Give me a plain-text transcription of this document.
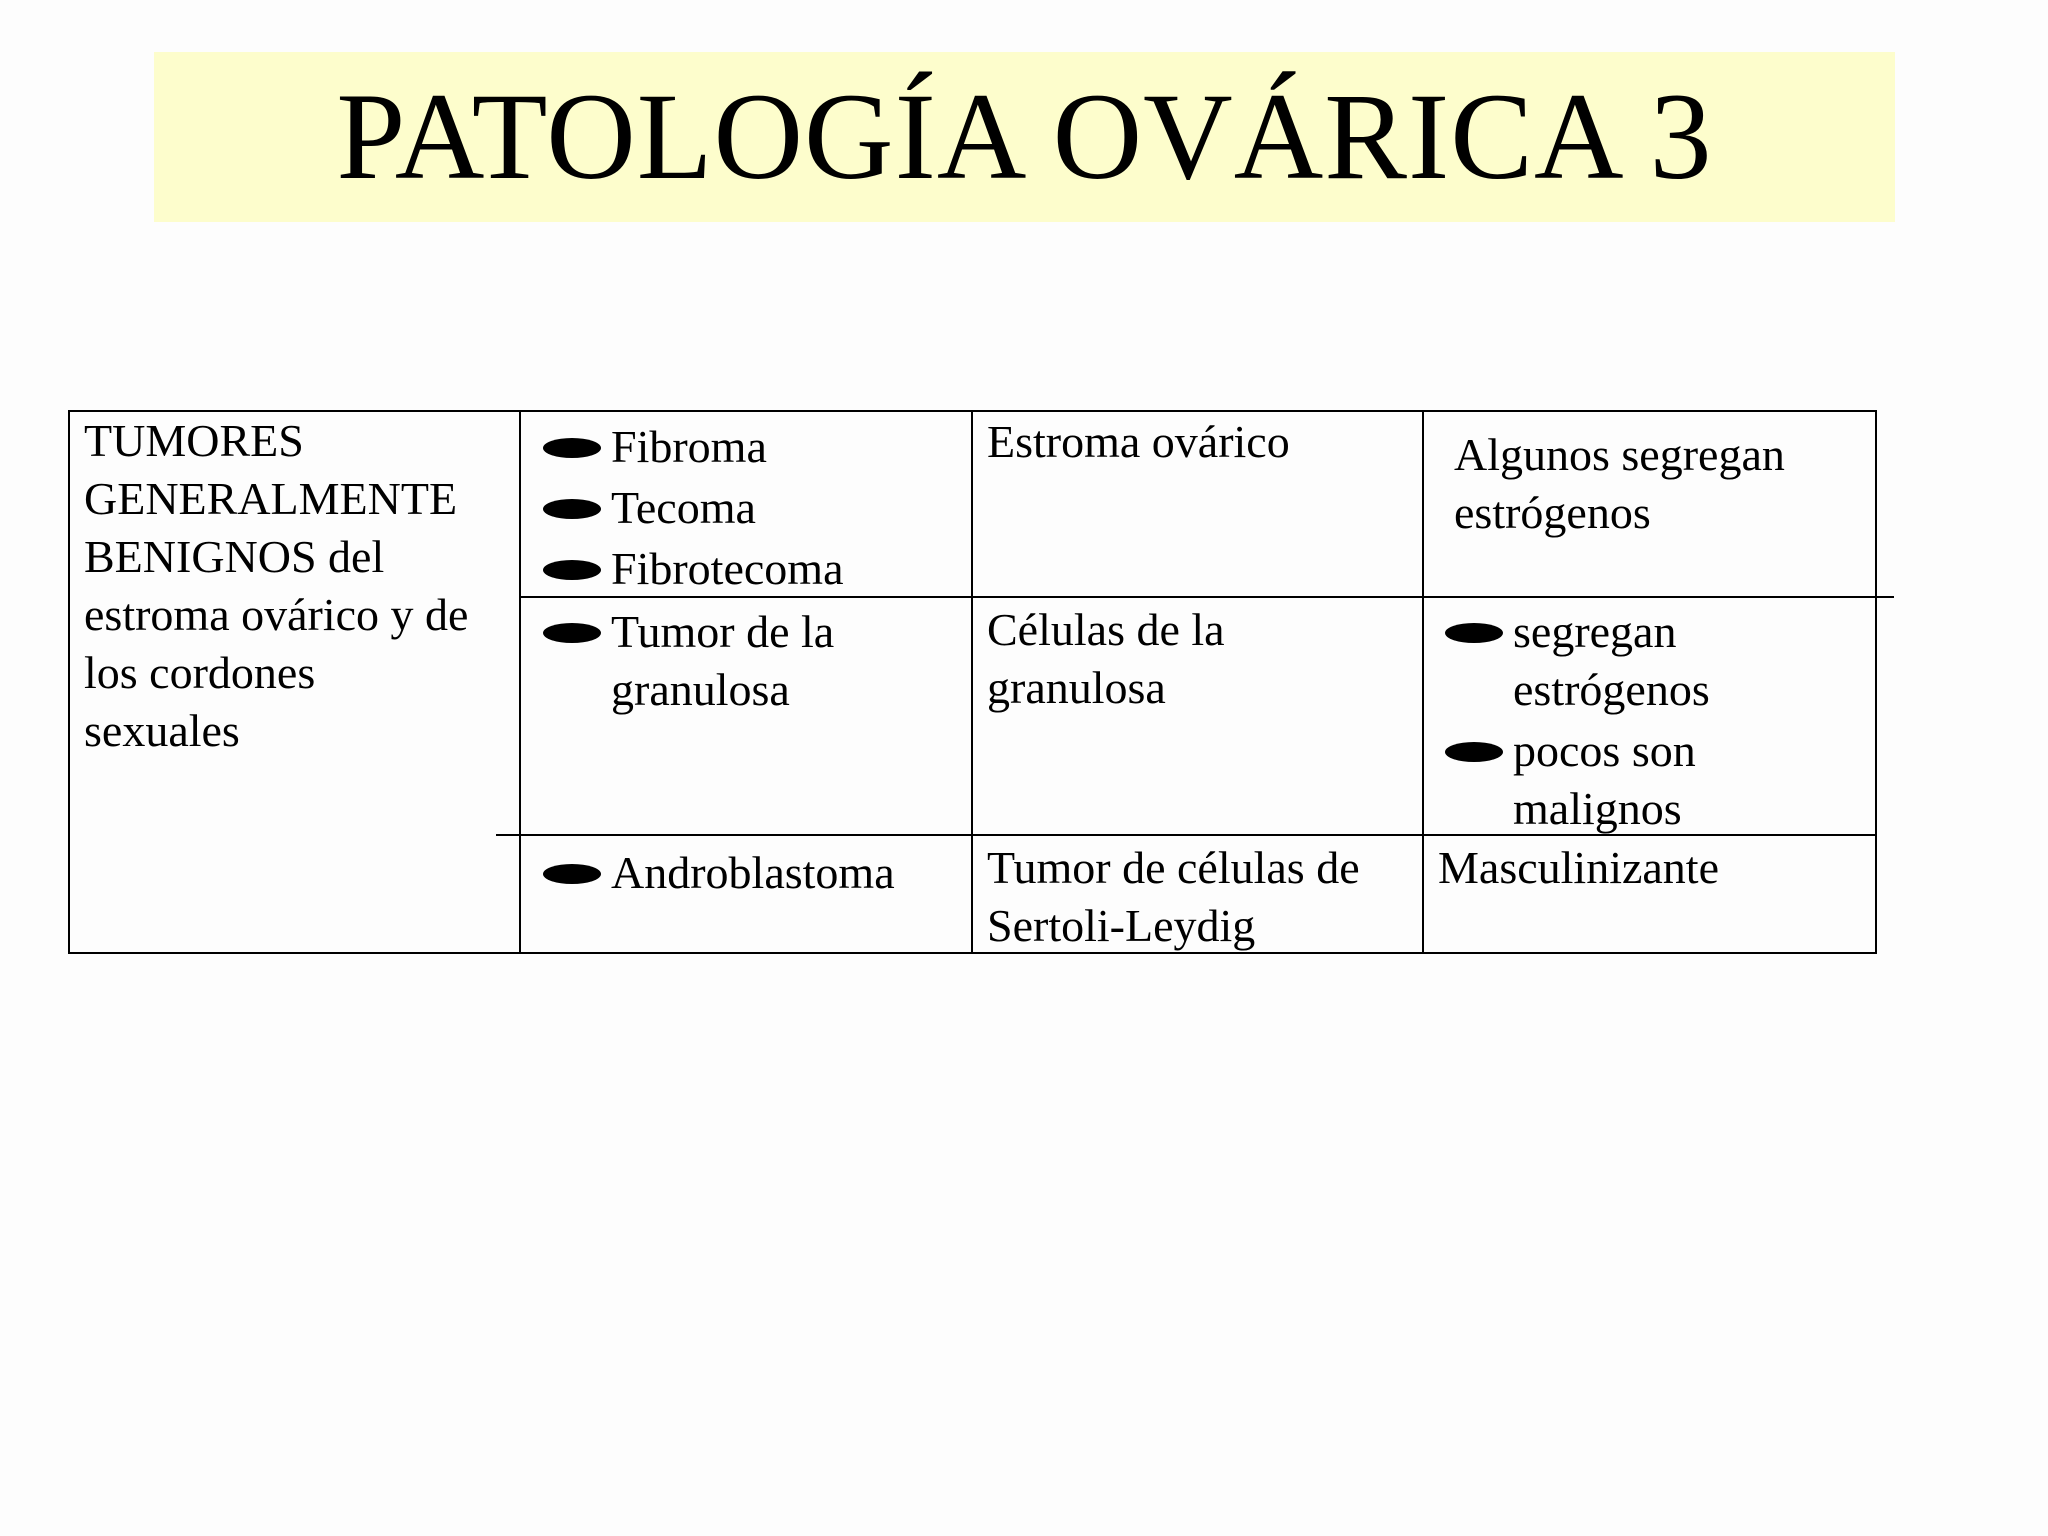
PATOLOGÍA OVÁRICA 3
TUMORES
GENERALMENTE
BENIGNOS del
estroma ovárico y de
los cordones
sexuales
Fibroma
Tecoma
Fibrotecoma
Estroma ovárico	Algunos segregan
estrógenos
Tumor de la
granulosa
Células de la
granulosa
segregan
estrógenos
pocos son
malignos
Androblastoma Tumor de células de
Sertoli-Leydig
Masculinizante
